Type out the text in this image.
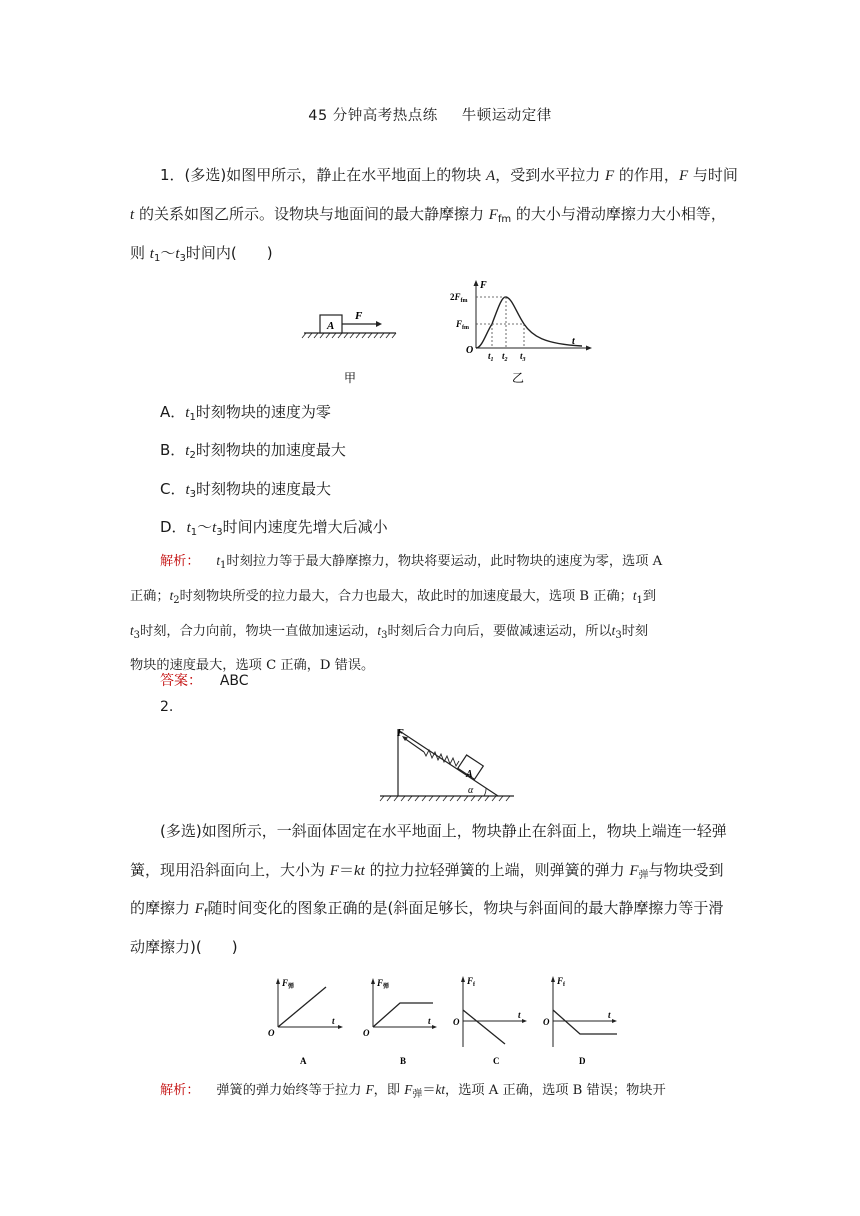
45 分钟高考热点练 牛顿运动定律
1．(多选)如图甲所示，静止在水平地面上的物块 A，受到水平拉力 F 的作用，F 与时间
t 的关系如图乙所示。设物块与地面间的最大静摩擦力 $F_{fm}$ 的大小与滑动摩擦力大小相等，
则 $t_1\sim t_3$时间内(　　)
A
F
甲
F
t
O
$2F_{fm}$
$F_{fm}$
$t_1$ $t_2$ $t_3$
乙
A．$t_1$时刻物块的速度为零
B．$t_2$时刻物块的加速度最大
C．$t_3$时刻物块的速度最大
D．$t_1\sim t_3$时间内速度先增大后减小
解析： $t_1$时刻拉力等于最大静摩擦力，物块将要运动，此时物块的速度为零，选项 A
正确；$t_2$时刻物块所受的拉力最大，合力也最大，故此时的加速度最大，选项 B 正确；$t_1$到
$t_3$时刻，合力向前，物块一直做加速运动，$t_3$时刻后合力向后，要做减速运动，所以$t_3$时刻
物块的速度最大，选项 C 正确，D 错误。
答案： ABC
2.
A
F
α
(多选)如图所示，一斜面体固定在水平地面上，物块静止在斜面上，物块上端连一轻弹
簧，现用沿斜面向上，大小为 F＝kt 的拉力拉轻弹簧的上端，则弹簧的弹力 $F_弹$与物块受到
的摩擦力 $F_f$随时间变化的图象正确的是(斜面足够长，物块与斜面间的最大静摩擦力等于滑
动摩擦力)(　　)
$F_弹$
t
O
A
$F_弹$
t
O
B
$F_f$
t
O
C
$F_f$
t
O
D
解析： 弹簧的弹力始终等于拉力 F，即 $F_弹=kt$，选项 A 正确，选项 B 错误；物块开
